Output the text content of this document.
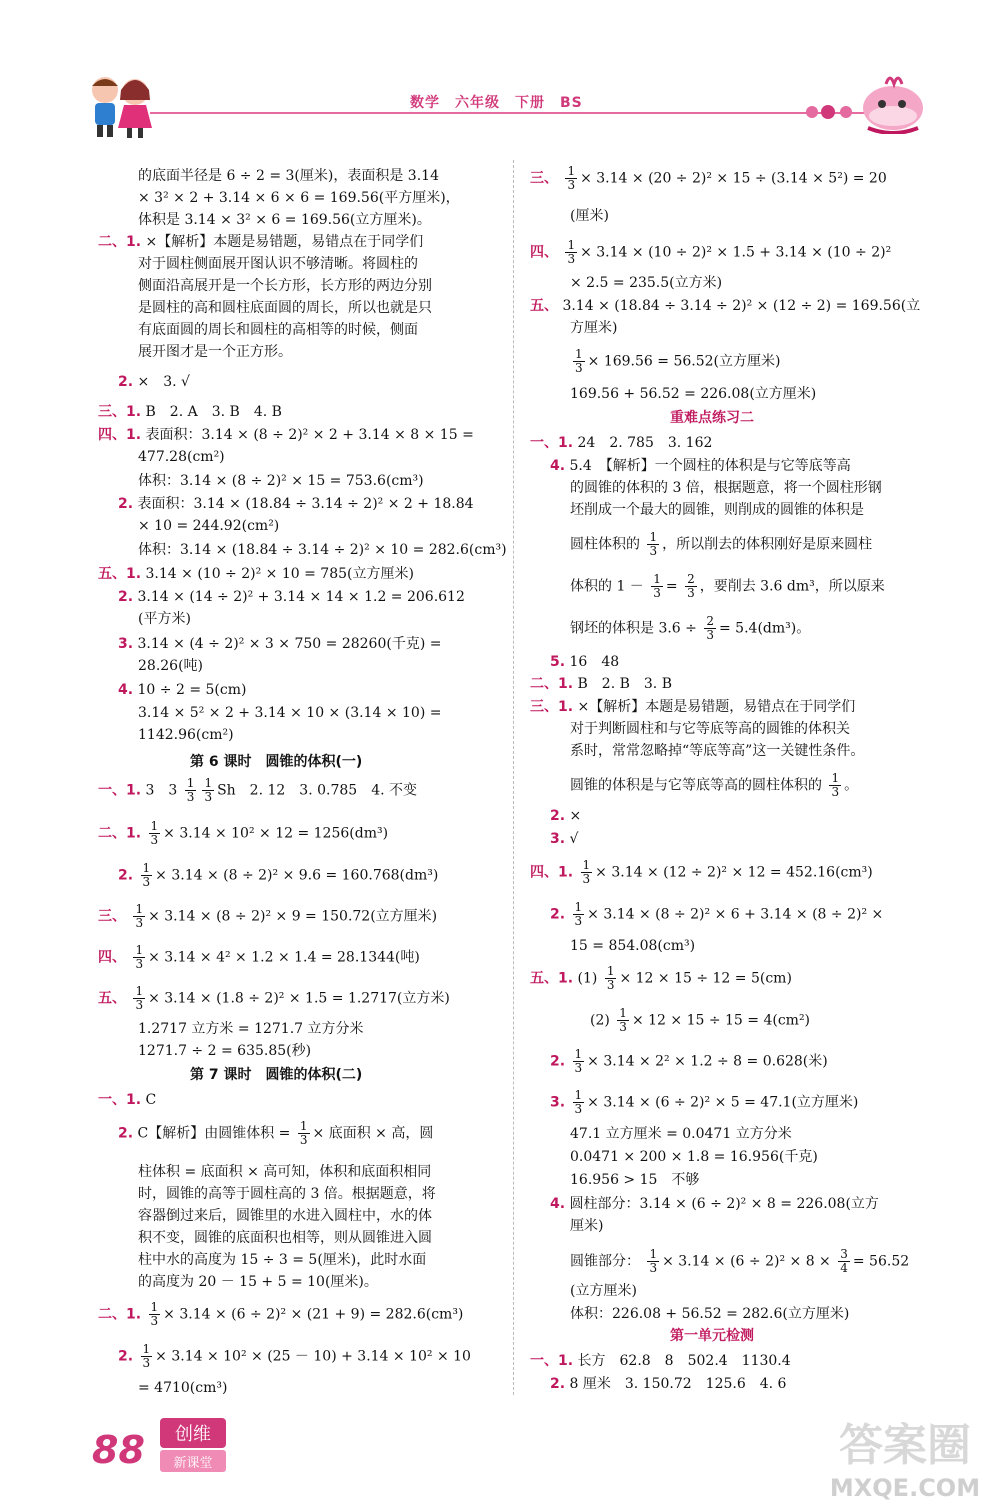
数学　六年级　下册　BS
的底面半径是 6 ÷ 2 = 3(厘米)，表面积是 3.14
× 3² × 2 + 3.14 × 6 × 6 = 169.56(平方厘米)，
体积是 3.14 × 3² × 6 = 169.56(立方厘米)。
二、1. ×【解析】本题是易错题，易错点在于同学们
对于圆柱侧面展开图认识不够清晰。将圆柱的
侧面沿高展开是一个长方形，长方形的两边分别
是圆柱的高和圆柱底面圆的周长，所以也就是只
有底面圆的周长和圆柱的高相等的时候，侧面
展开图才是一个正方形。
2. ×　3. √
三、1. B　2. A　3. B　4. B
四、1. 表面积：3.14 × (8 ÷ 2)² × 2 + 3.14 × 8 × 15 =
477.28(cm²)
体积：3.14 × (8 ÷ 2)² × 15 = 753.6(cm³)
2. 表面积：3.14 × (18.84 ÷ 3.14 ÷ 2)² × 2 + 18.84
× 10 = 244.92(cm²)
体积：3.14 × (18.84 ÷ 3.14 ÷ 2)² × 10 = 282.6(cm³)
五、1. 3.14 × (10 ÷ 2)² × 10 = 785(立方厘米)
2. 3.14 × (14 ÷ 2)² + 3.14 × 14 × 1.2 = 206.612
(平方米)
3. 3.14 × (4 ÷ 2)² × 3 × 750 = 28260(千克) =
28.26(吨)
4. 10 ÷ 2 = 5(cm)
3.14 × 5² × 2 + 3.14 × 10 × (3.14 × 10) =
1142.96(cm²)
第 6 课时　圆锥的体积(一)
一、1. 3　$3 \frac{1}{3} \frac{1}{3}$ Sh　2. 12　3. 0.785　4. 不变
二、1. $\frac{1}{3} \times 3.14 \times 10^2 \times 12 = 1256(dm^3)$
2. $\frac{1}{3} \times 3.14 \times (8 \div 2)^2 \times 9.6 = 160.768(dm^3)$
三、 $\frac{1}{3} \times 3.14 \times (8 \div 2)^2 \times 9 = 150.72$(立方厘米)
四、 $\frac{1}{3} \times 3.14 \times 4^2 \times 1.2 \times 1.4 = 28.1344$(吨)
五、 $\frac{1}{3} \times 3.14 \times (1.8 \div 2)^2 \times 1.5 = 1.2717$(立方米)
1.2717 立方米 = 1271.7 立方分米
1271.7 ÷ 2 = 635.85(秒)
第 7 课时　圆锥的体积(二)
一、1. C
2. C【解析】由圆锥体积 = $\frac{1}{3}$ × 底面积 × 高，圆
柱体积 = 底面积 × 高可知，体积和底面积相同
时，圆锥的高等于圆柱高的 3 倍。根据题意，将
容器倒过来后，圆锥里的水进入圆柱中，水的体
积不变，圆锥的底面积也相等，则从圆锥进入圆
柱中水的高度为 15 ÷ 3 = 5(厘米)，此时水面
的高度为 20 － 15 + 5 = 10(厘米)。
二、1. $\frac{1}{3} \times 3.14 \times (6 \div 2)^2 \times (21 + 9) = 282.6(cm^3)$
2. $\frac{1}{3} \times 3.14 \times 10^2 \times (25 - 10) + 3.14 \times 10^2 \times 10$
= 4710(cm³)
三、 $\frac{1}{3} \times 3.14 \times (20 \div 2)^2 \times 15 \div (3.14 \times 5^2) = 20$
(厘米)
四、 $\frac{1}{3} \times 3.14 \times (10 \div 2)^2 \times 1.5 + 3.14 \times (10 \div 2)^2$
× 2.5 = 235.5(立方米)
五、 3.14 × (18.84 ÷ 3.14 ÷ 2)² × (12 ÷ 2) = 169.56(立
方厘米)
$\frac{1}{3} \times 169.56 = 56.52$(立方厘米)
169.56 + 56.52 = 226.08(立方厘米)
重难点练习二
一、1. 24　2. 785　3. 162
4. 5.4　【解析】一个圆柱的体积是与它等底等高
的圆锥的体积的 3 倍，根据题意，将一个圆柱形钢
坯削成一个最大的圆锥，则削成的圆锥的体积是
圆柱体积的 $\frac{1}{3}$ ，所以削去的体积刚好是原来圆柱
体积的 $1 - \frac{1}{3} = \frac{2}{3}$ ，要削去 3.6 dm³，所以原来
钢坯的体积是 $3.6 \div \frac{2}{3} = 5.4(dm^3)$。
5. 16　48
二、1. B　2. B　3. B
三、1. ×【解析】本题是易错题，易错点在于同学们
对于判断圆柱和与它等底等高的圆锥的体积关
系时，常常忽略掉“等底等高”这一关键性条件。
圆锥的体积是与它等底等高的圆柱体积的 $\frac{1}{3}$ 。
2. ×
3. √
四、1. $\frac{1}{3} \times 3.14 \times (12 \div 2)^2 \times 12 = 452.16(cm^3)$
2. $\frac{1}{3} \times 3.14 \times (8 \div 2)^2 \times 6 + 3.14 \times (8 \div 2)^2$ ×
15 = 854.08(cm³)
五、1. $(1) \frac{1}{3} \times 12 \times 15 \div 12 = 5(cm)$
$(2) \frac{1}{3} \times 12 \times 15 \div 15 = 4(cm^2)$
2. $\frac{1}{3} \times 3.14 \times 2^2 \times 1.2 \div 8 = 0.628$(米)
3. $\frac{1}{3} \times 3.14 \times (6 \div 2)^2 \times 5 = 47.1$(立方厘米)
47.1 立方厘米 = 0.0471 立方分米
0.0471 × 200 × 1.8 = 16.956(千克)
16.956 > 15　不够
4. 圆柱部分：3.14 × (6 ÷ 2)² × 8 = 226.08(立方
厘米)
圆锥部分： $\frac{1}{3} \times 3.14 \times (6 \div 2)^2 \times 8 \times \frac{3}{4} = 56.52$
(立方厘米)
体积：226.08 + 56.52 = 282.6(立方厘米)
第一单元检测
一、1. 长方　62.8　8　502.4　1130.4
2. 8 厘米　3. 150.72　125.6　4. 6
88 创维
新课堂	答案圈
MXQE.COM
